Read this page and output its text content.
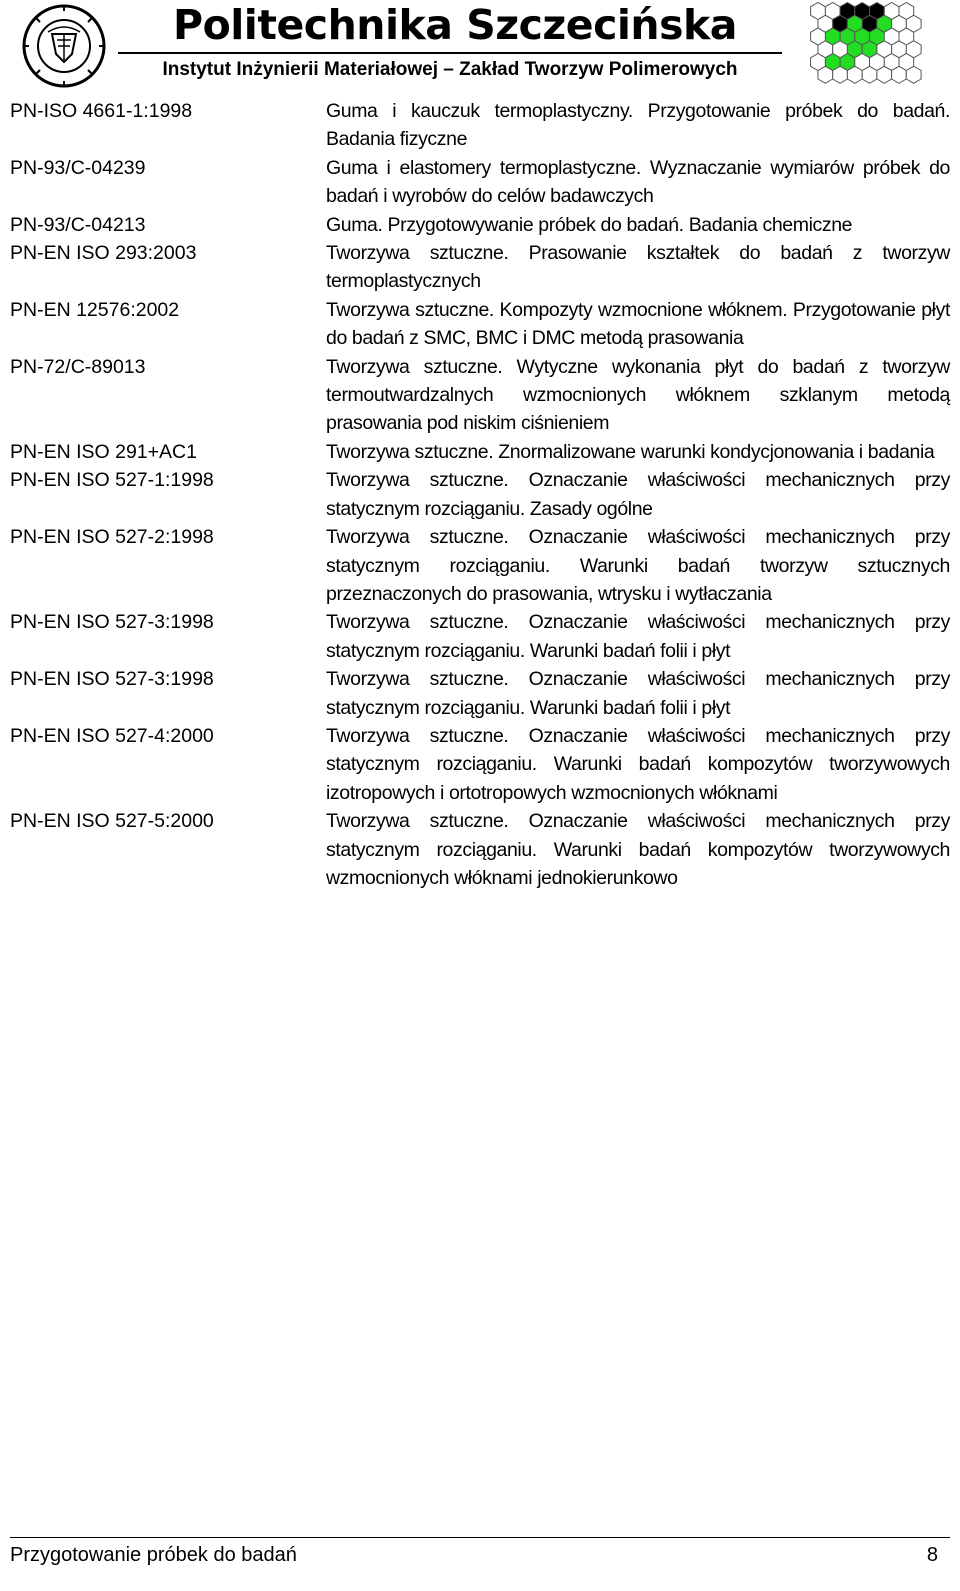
Politechnika Szczecińska
Instytut Inżynierii Materiałowej – Zakład Tworzyw Polimerowych
PN-ISO 4661-1:1998	Guma i kauczuk termoplastyczny. Przygotowanie próbek do badań. Badania fizyczne
PN-93/C-04239	Guma i elastomery termoplastyczne. Wyznaczanie wymiarów próbek do badań i wyrobów do celów badawczych
PN-93/C-04213	Guma. Przygotowywanie próbek do badań. Badania chemiczne
PN-EN ISO 293:2003	Tworzywa sztuczne. Prasowanie kształtek do badań z tworzyw termoplastycznych
PN-EN 12576:2002	Tworzywa sztuczne. Kompozyty wzmocnione włóknem. Przygotowanie płyt do badań z SMC, BMC i DMC metodą prasowania
PN-72/C-89013	Tworzywa sztuczne. Wytyczne wykonania płyt do badań z tworzyw termoutwardzalnych wzmocnionych włóknem szklanym metodą prasowania pod niskim ciśnieniem
PN-EN ISO 291+AC1	Tworzywa sztuczne. Znormalizowane warunki kondycjonowania i badania
PN-EN ISO 527-1:1998	Tworzywa sztuczne. Oznaczanie właściwości mechanicznych przy statycznym rozciąganiu. Zasady ogólne
PN-EN ISO 527-2:1998	Tworzywa sztuczne. Oznaczanie właściwości mechanicznych przy statycznym rozciąganiu. Warunki badań tworzyw sztucznych przeznaczonych do prasowania, wtrysku i wytłaczania
PN-EN ISO 527-3:1998	Tworzywa sztuczne. Oznaczanie właściwości mechanicznych przy statycznym rozciąganiu. Warunki badań folii i płyt
PN-EN ISO 527-3:1998	Tworzywa sztuczne. Oznaczanie właściwości mechanicznych przy statycznym rozciąganiu. Warunki badań folii i płyt
PN-EN ISO 527-4:2000	Tworzywa sztuczne. Oznaczanie właściwości mechanicznych przy statycznym rozciąganiu. Warunki badań kompozytów tworzywowych izotropowych i ortotropowych wzmocnionych włóknami
PN-EN ISO 527-5:2000	Tworzywa sztuczne. Oznaczanie właściwości mechanicznych przy statycznym rozciąganiu. Warunki badań kompozytów tworzywowych wzmocnionych włóknami jednokierunkowo
Przygotowanie próbek do badań	8
